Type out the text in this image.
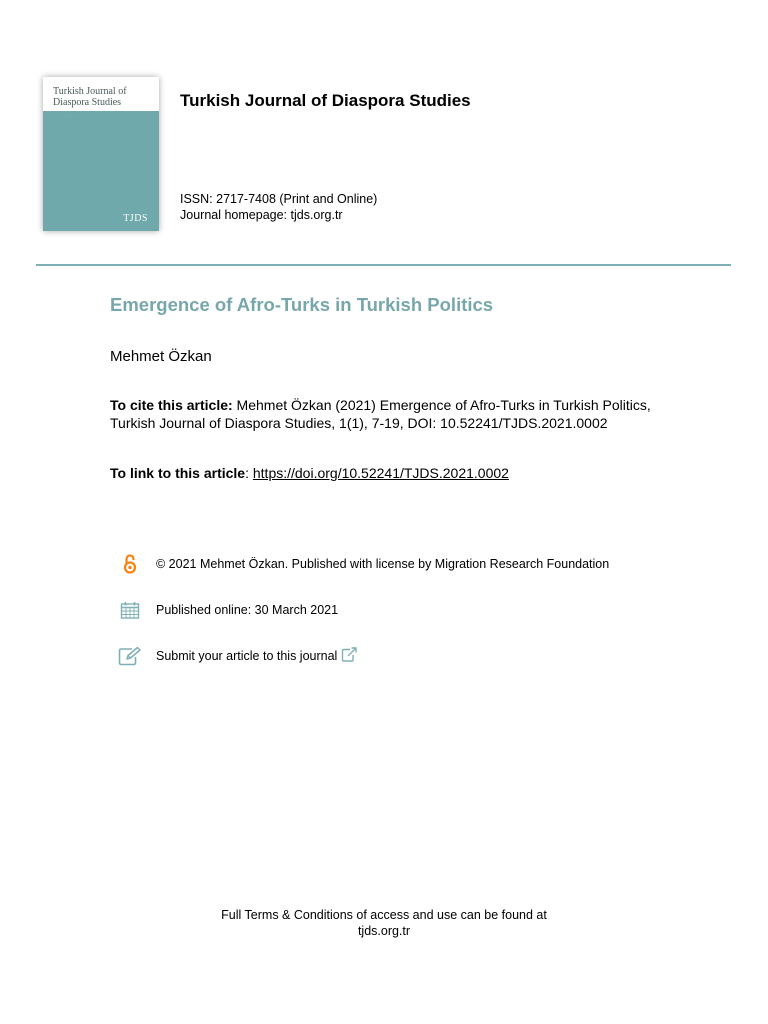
Turkish Journal of Diaspora Studies
· · · · · · · · · · · ·
TJDS
Turkish Journal of Diaspora Studies
ISSN: 2717-7408 (Print and Online)
Journal homepage: tjds.org.tr
Emergence of Afro-Turks in Turkish Politics
Mehmet Özkan
To cite this article: Mehmet Özkan (2021) Emergence of Afro-Turks in Turkish Politics, Turkish Journal of Diaspora Studies, 1(1), 7-19, DOI: 10.52241/TJDS.2021.0002
To link to this article: https://doi.org/10.52241/TJDS.2021.0002
© 2021 Mehmet Özkan. Published with license by Migration Research Foundation
Published online: 30 March 2021
Submit your article to this journal
Full Terms & Conditions of access and use can be found at
tjds.org.tr
